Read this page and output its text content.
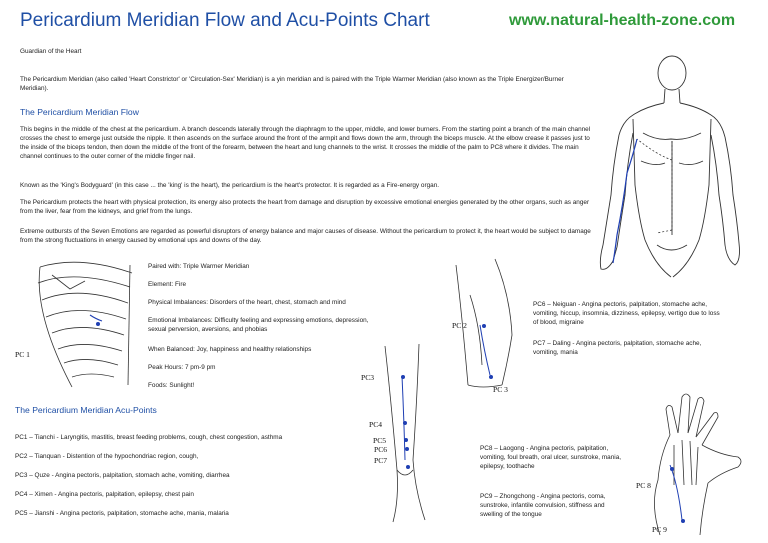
Pericardium Meridian Flow and Acu-Points Chart	www.natural-health-zone.com
Guardian of the Heart
The Pericardium Meridian (also called 'Heart Constrictor' or 'Circulation-Sex' Meridian) is a yin meridian and is paired with the Triple Warmer Meridian (also known as the Triple Energizer/Burner Meridian).
The Pericardium Meridian Flow
This begins in the middle of the chest at the pericardium. A branch descends laterally through the diaphragm to the upper, middle, and lower burners. From the starting point a branch of the main channel crosses the chest to emerge just outside the nipple. It then ascends on the surface around the front of the armpit and flows down the arm, through the biceps muscle. At the elbow crease it passes just to the inside of the biceps tendon, then down the middle of the front of the forearm, between the heart and lung channels to the wrist. It crosses the middle of the palm to PC8 where it divides. The main channel continues to the outer corner of the middle finger nail.
Known as the 'King's Bodyguard' (in this case ... the 'king' is the heart), the pericardium is the heart's protector. It is regarded as a Fire-energy organ.
The Pericardium protects the heart with physical protection, its energy also protects the heart from damage and disruption by excessive emotional energies generated by the other organs, such as anger from the liver, fear from the kidneys, and grief from the lungs.
Extreme outbursts of the Seven Emotions are regarded as powerful disruptors of energy balance and major causes of disease. Without the pericardium to protect it, the heart would be subject to damage from the strong fluctuations in energy caused by emotional ups and downs of the day.
Paired with: Triple Warmer Meridian
Element: Fire
Physical Imbalances: Disorders of the heart, chest, stomach and mind
Emotional Imbalances: Difficulty feeling and expressing emotions, depression, sexual perversion, aversions, and phobias
When Balanced: Joy, happiness and healthy relationships
Peak Hours: 7 pm-9 pm
Foods: Sunlight!
The Pericardium Meridian Acu-Points
PC1 – Tianchi - Laryngitis, mastitis, breast feeding problems, cough, chest congestion, asthma
PC2 – Tianquan - Distention of the hypochondriac region, cough,
PC3 – Quze - Angina pectoris, palpitation, stomach ache, vomiting, diarrhea
PC4 – Ximen - Angina pectoris, palpitation, epilepsy, chest pain
PC5 – Jianshi - Angina pectoris, palpitation, stomache ache, mania, malaria
PC6 – Neiguan - Angina pectoris, palpitation, stomache ache, vomiting, hiccup, insomnia, dizziness, epilepsy, vertigo due to loss of blood, migraine
PC7 – Daling - Angina pectoris, palpitation, stomache ache, vomiting, mania
PC8 – Laogong - Angina pectoris, palpitation, vomiting, foul breath, oral ulcer, sunstroke, mania, epilepsy, toothache
PC9 – Zhongchong - Angina pectoris, coma, sunstroke, infantile convulsion, stiffness and swelling of the tongue
PC 1
PC 2
PC 3
PC3
PC4
PC5
PC6
PC7
PC 8
PC 9
